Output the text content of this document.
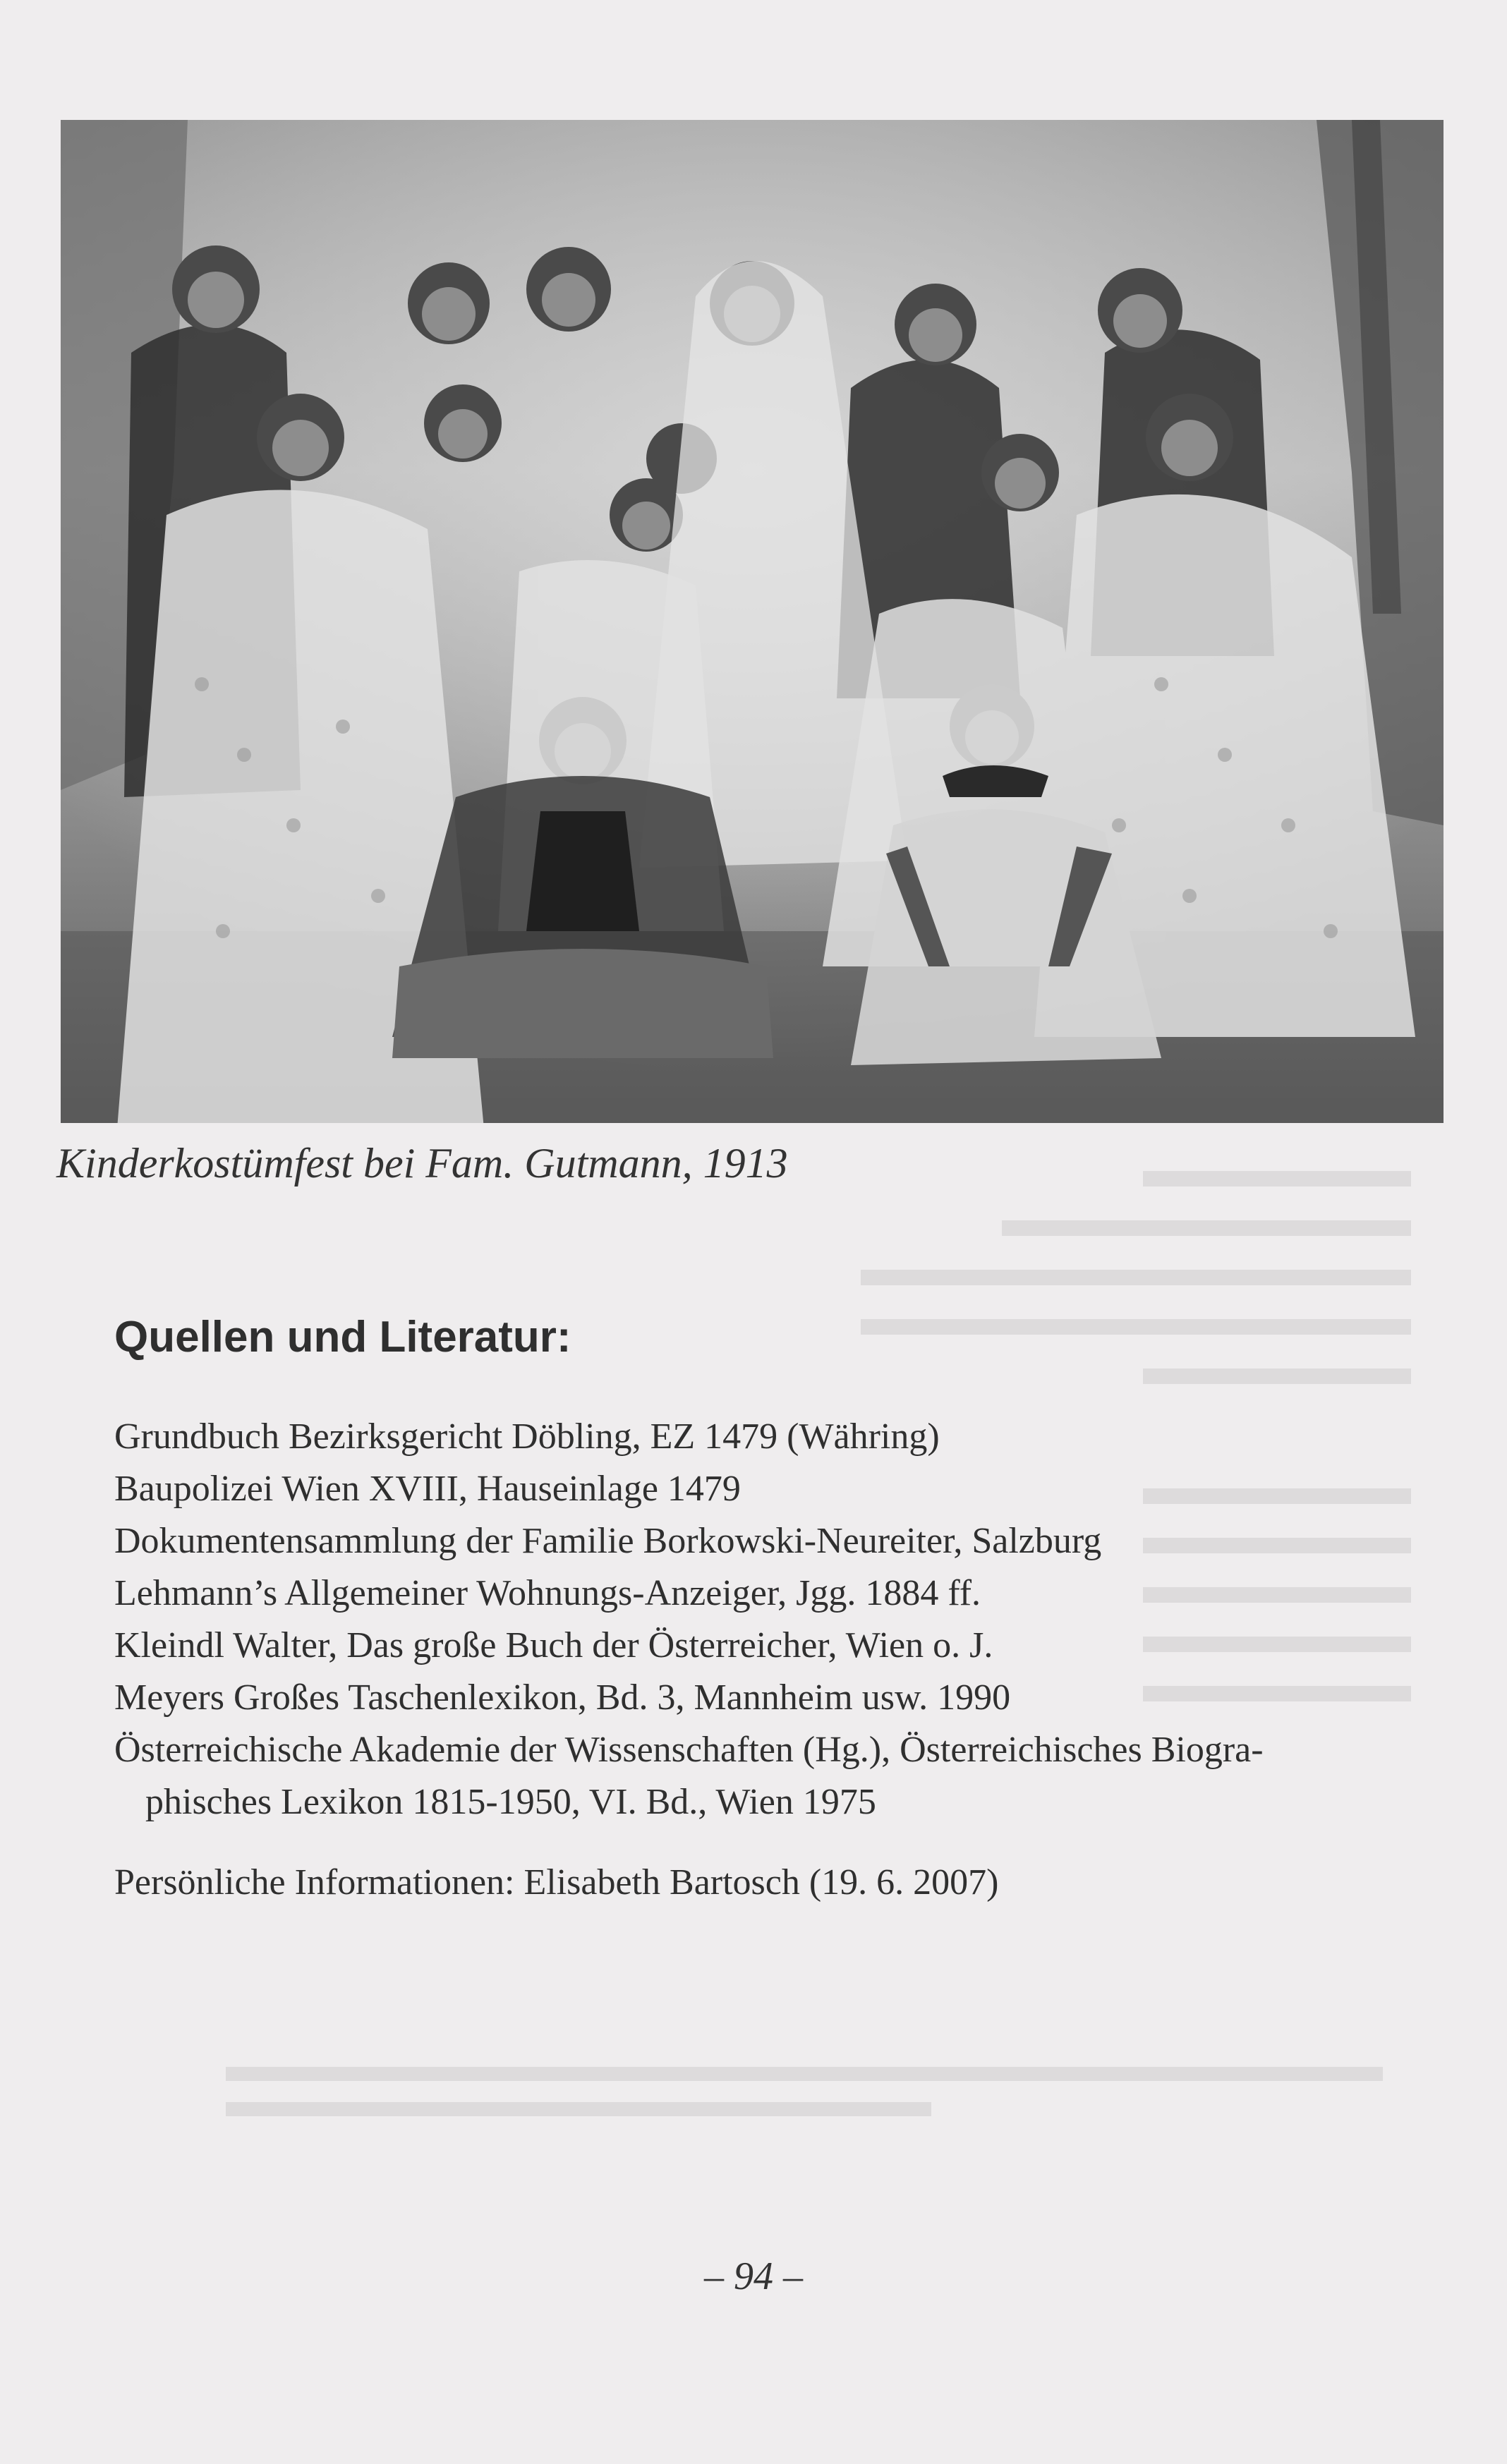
Kinderkostümfest bei Fam. Gutmann, 1913
Quellen und Literatur:
Grundbuch Bezirksgericht Döbling, EZ 1479 (Währing)
Baupolizei Wien XVIII, Hauseinlage 1479
Dokumentensammlung der Familie Borkowski-Neureiter, Salzburg
Lehmann’s Allgemeiner Wohnungs-Anzeiger, Jgg. 1884 ff.
Kleindl Walter, Das große Buch der Österreicher, Wien o. J.
Meyers Großes Taschenlexikon, Bd. 3, Mannheim usw. 1990
Österreichische Akademie der Wissenschaften (Hg.), Österreichisches Biogra-
phisches Lexikon 1815-1950, VI. Bd., Wien 1975
Persönliche Informationen: Elisabeth Bartosch (19. 6. 2007)
– 94 –
